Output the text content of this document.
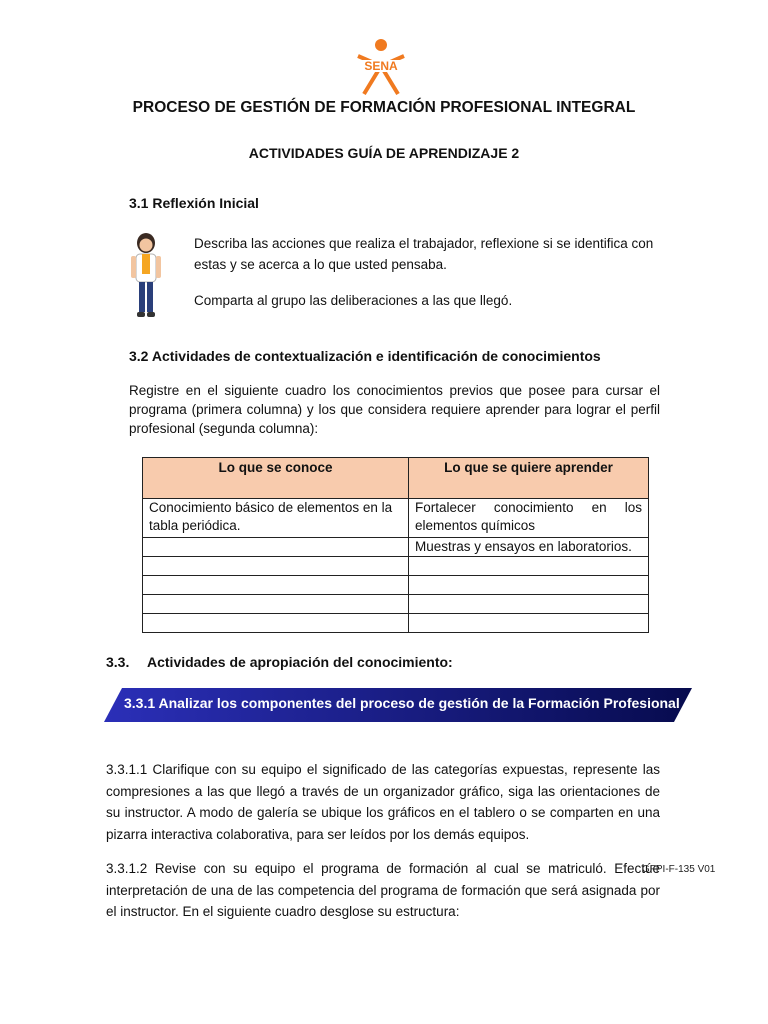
SENA
PROCESO DE GESTIÓN DE FORMACIÓN PROFESIONAL INTEGRAL
ACTIVIDADES GUÍA DE APRENDIZAJE 2
3.1 Reflexión Inicial
Describa las acciones que realiza el trabajador, reflexione si se identifica con estas y se acerca a lo que usted pensaba.
Comparta al grupo las deliberaciones a las que llegó.
3.2 Actividades de contextualización e identificación de conocimientos
Registre en el siguiente cuadro los conocimientos previos que posee para cursar el programa (primera columna) y los que considera requiere aprender para lograr el perfil profesional (segunda columna):
Lo que se conoce	Lo que se quiere aprender
Conocimiento básico de elementos en la tabla periódica.	Fortalecer conocimiento en los elementos químicos
	Muestras y ensayos en laboratorios.

3.3. Actividades de apropiación del conocimiento:
3.3.1 Analizar los componentes del proceso de gestión de la Formación Profesional
3.3.1.1 Clarifique con su equipo el significado de las categorías expuestas, represente las compresiones a las que llegó a través de un organizador gráfico, siga las orientaciones de su instructor. A modo de galería se ubique los gráficos en el tablero o se comparten en una pizarra interactiva colaborativa, para ser leídos por los demás equipos.
3.3.1.2 Revise con su equipo el programa de formación al cual se matriculó. Efectúe interpretación de una de las competencia del programa de formación que será asignada por el instructor. En el siguiente cuadro desglose su estructura:
GFPI-F-135 V01
